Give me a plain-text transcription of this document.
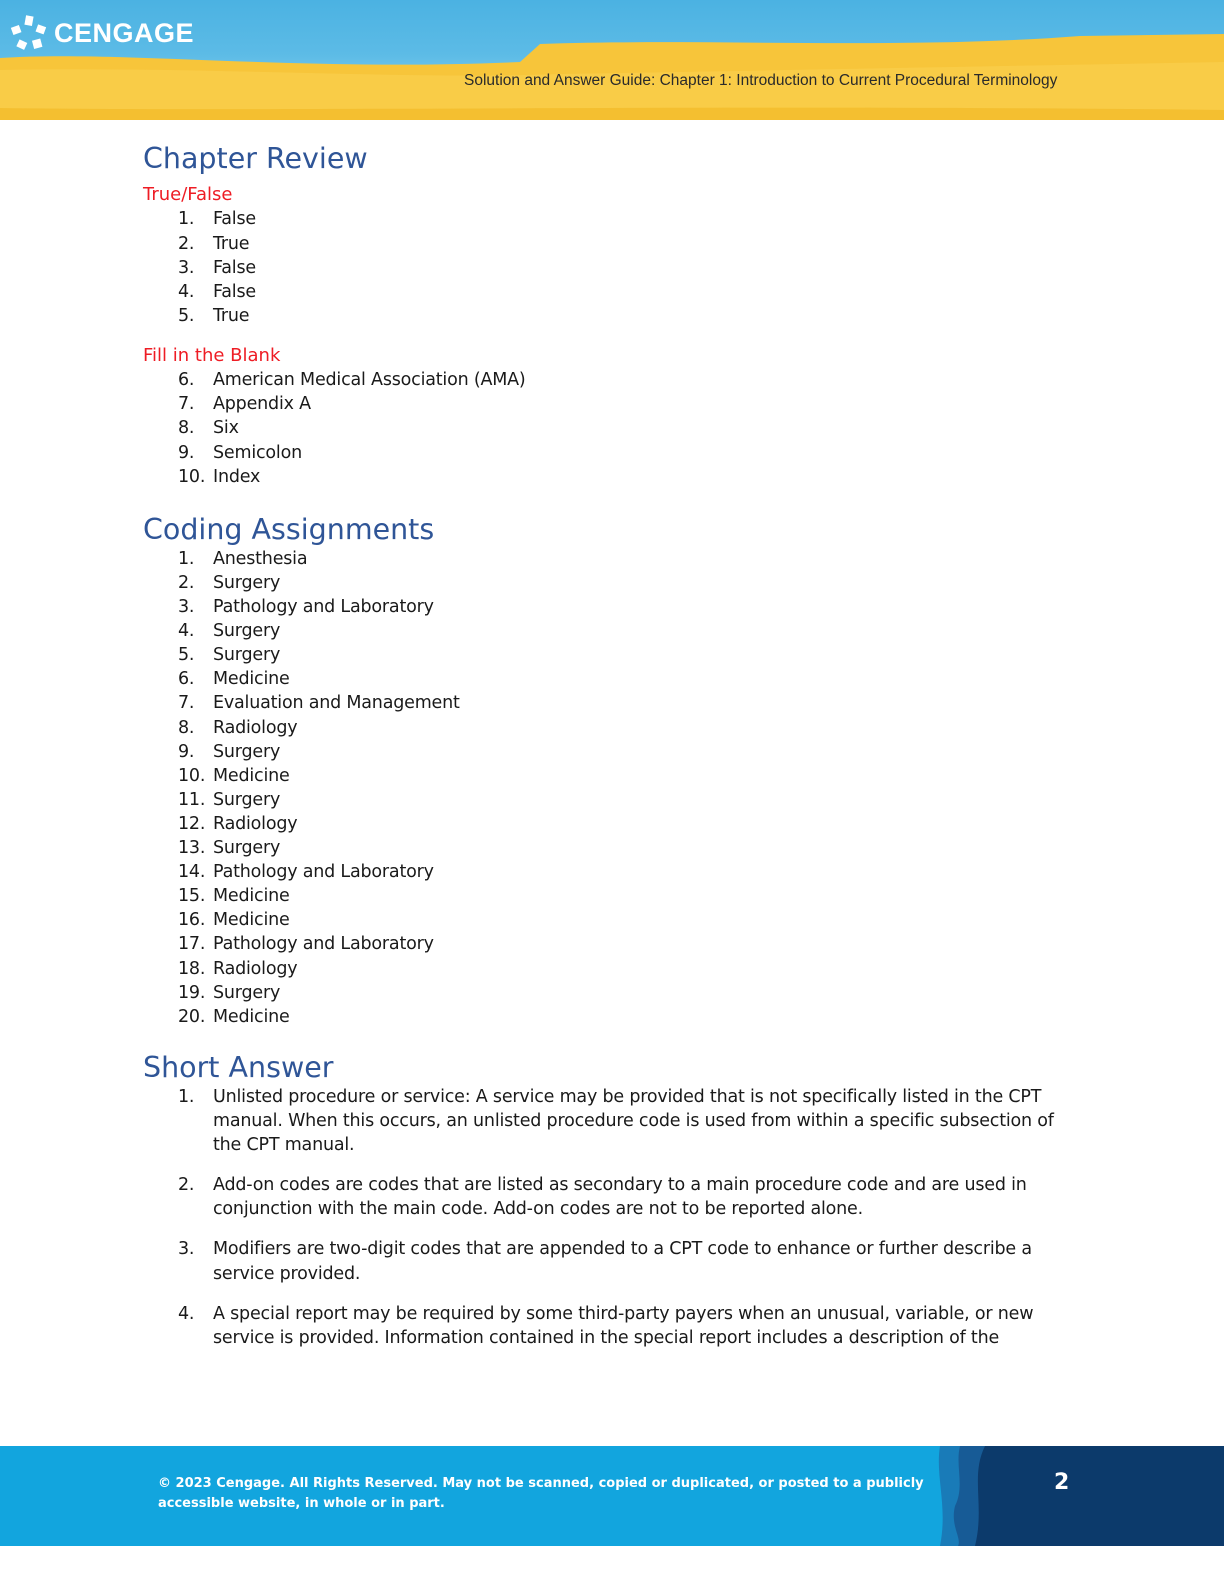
CENGAGE
Solution and Answer Guide: Chapter 1: Introduction to Current Procedural Terminology
Chapter Review
True/False
1.	False
2.	True
3.	False
4.	False
5.	True
Fill in the Blank
6.	American Medical Association (AMA)
7.	Appendix A
8.	Six
9.	Semicolon
10. Index
Coding Assignments
1.	Anesthesia
2.	Surgery
3.	Pathology and Laboratory
4.	Surgery
5.	Surgery
6.	Medicine
7.	Evaluation and Management
8.	Radiology
9.	Surgery
10. Medicine
11. Surgery
12. Radiology
13. Surgery
14. Pathology and Laboratory
15. Medicine
16. Medicine
17. Pathology and Laboratory
18. Radiology
19. Surgery
20. Medicine
Short Answer
1.	Unlisted procedure or service: A service may be provided that is not specifically listed in the CPT manual. When this occurs, an unlisted procedure code is used from within a specific subsection of the CPT manual.
2.	Add-on codes are codes that are listed as secondary to a main procedure code and are used in conjunction with the main code. Add-on codes are not to be reported alone.
3.	Modifiers are two-digit codes that are appended to a CPT code to enhance or further describe a service provided.
4.	A special report may be required by some third-party payers when an unusual, variable, or new service is provided. Information contained in the special report includes a description of the
© 2023 Cengage. All Rights Reserved. May not be scanned, copied or duplicated, or posted to a publicly accessible website, in whole or in part.
2
